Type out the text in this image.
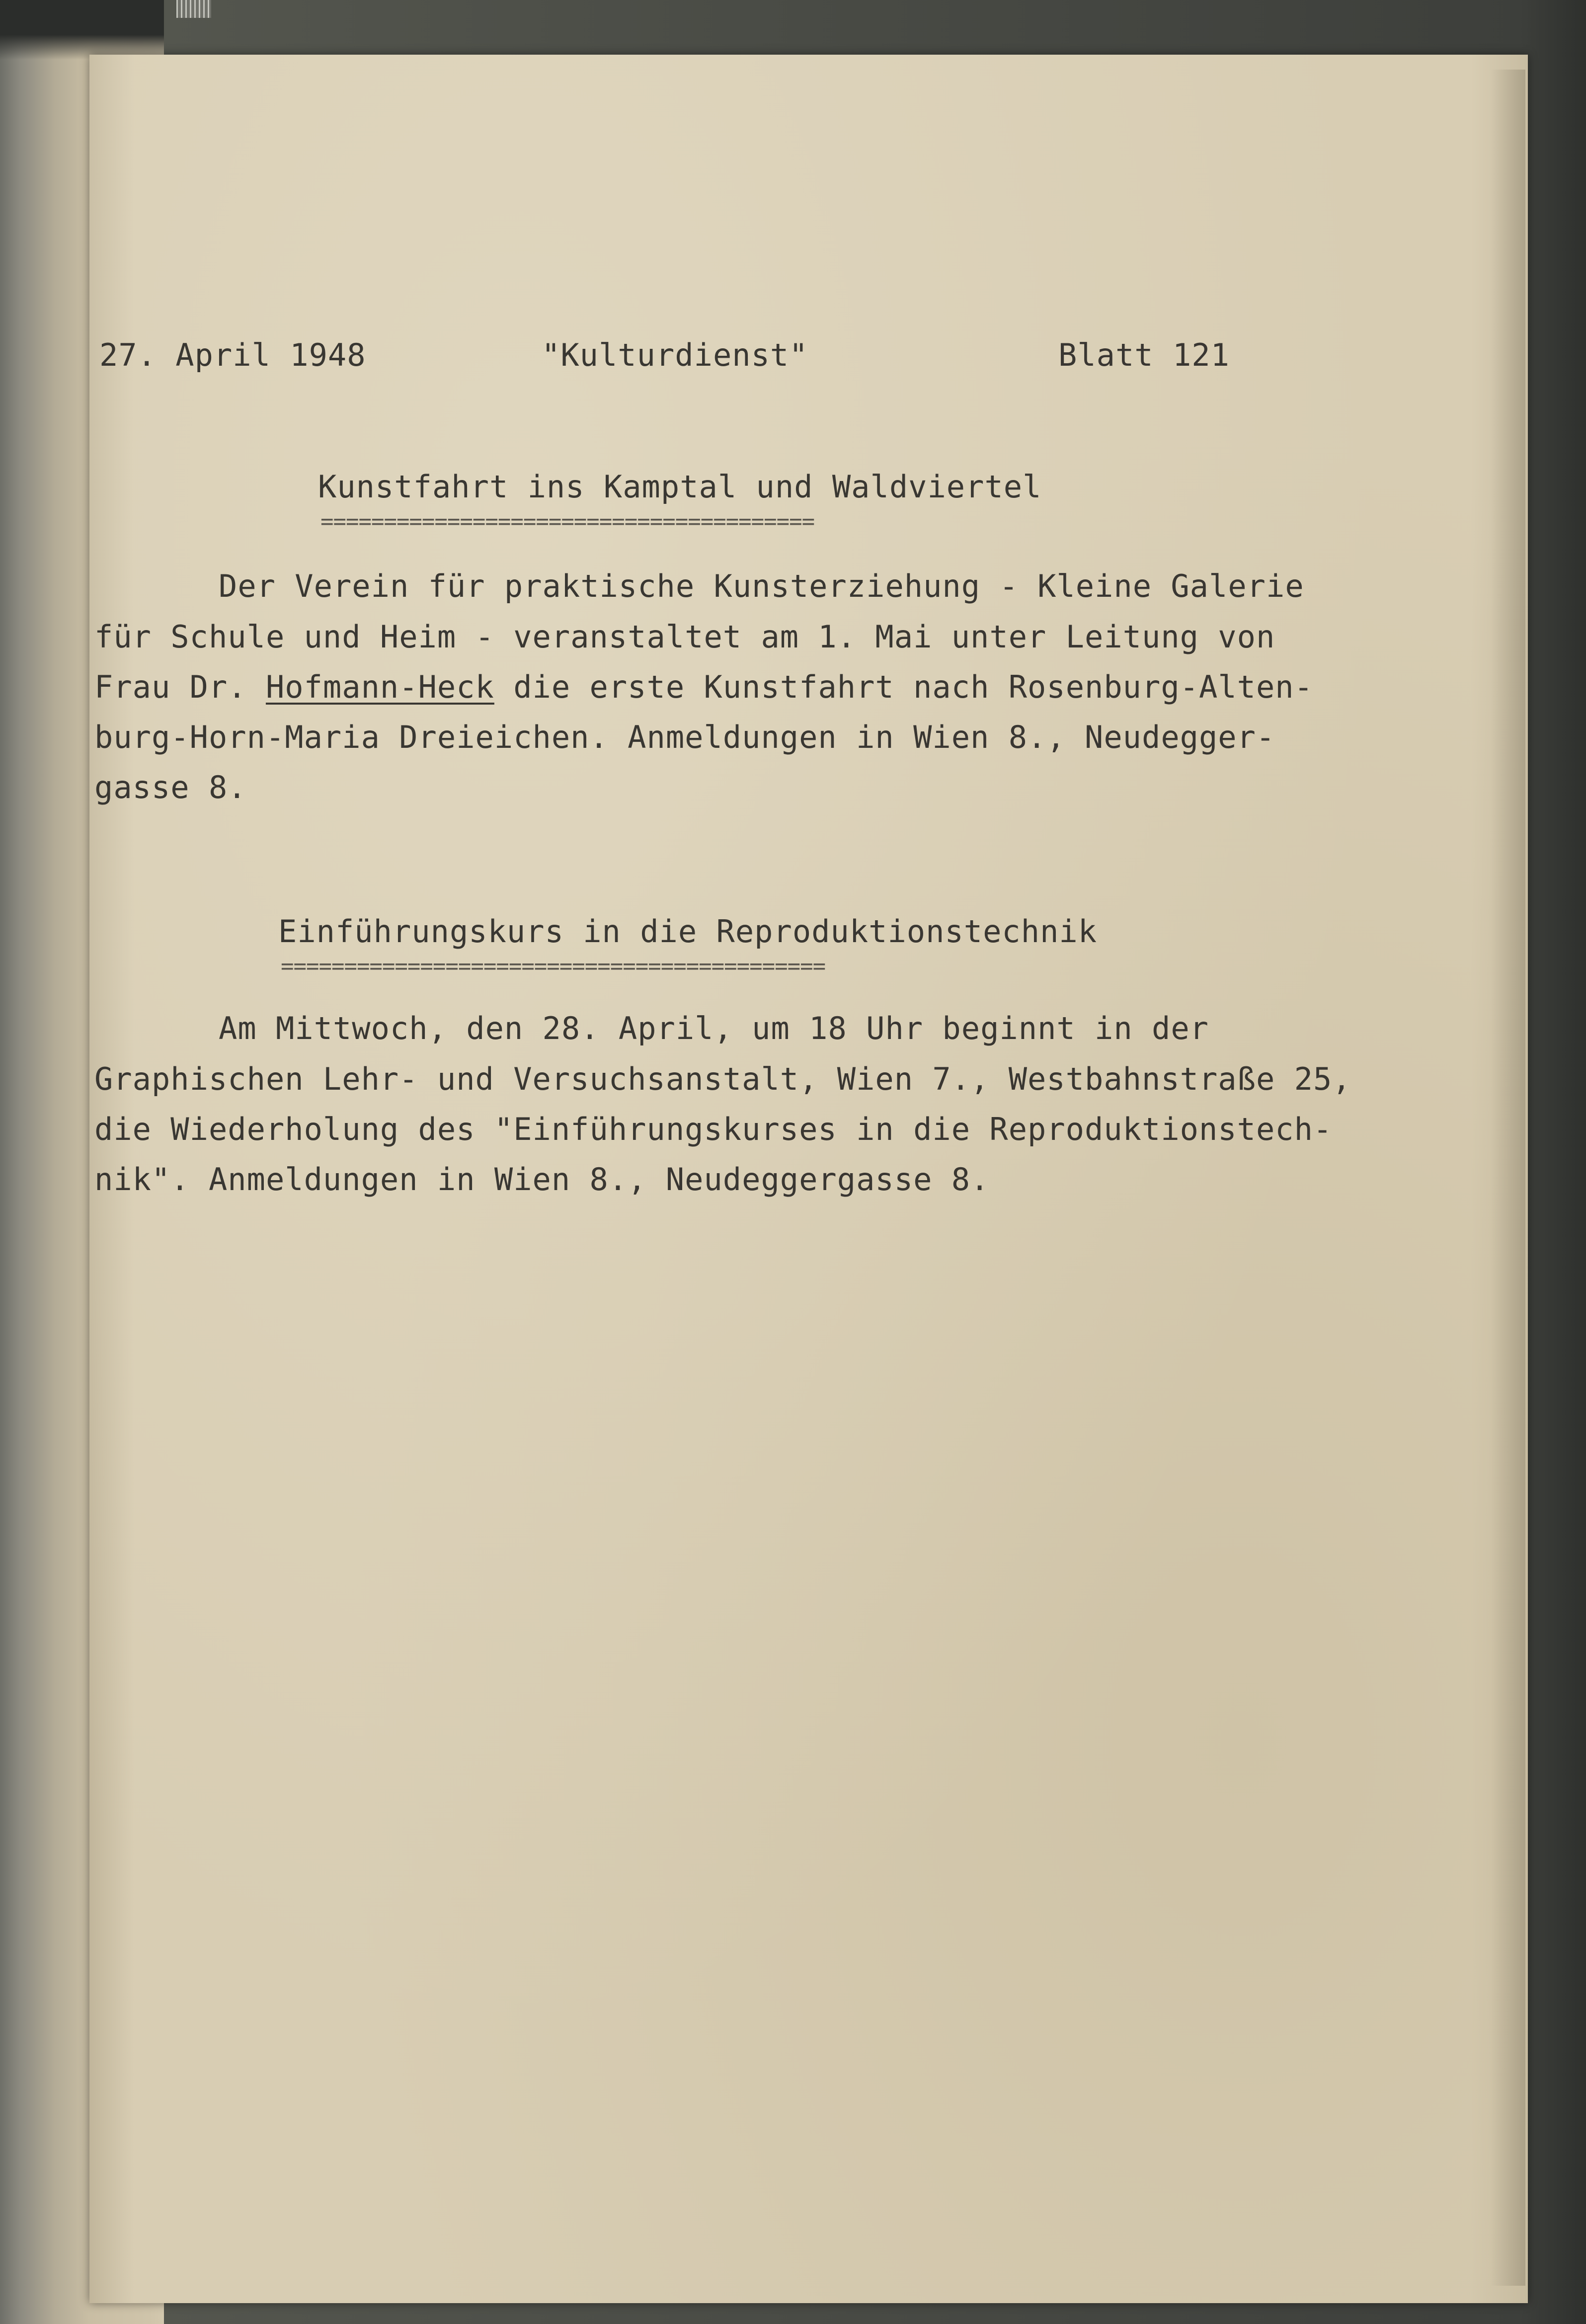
27. April 1948	"Kulturdienst"	Blatt 121

Kunstfahrt ins Kamptal und Waldviertel

=======================================

Der Verein für praktische Kunsterziehung - Kleine Galerie

für Schule und Heim - veranstaltet am 1. Mai unter Leitung von

Frau Dr. Hofmann-Heck die erste Kunstfahrt nach Rosenburg-Alten-

burg-Horn-Maria Dreieichen. Anmeldungen in Wien 8., Neudegger-

gasse 8.

Einführungskurs in die Reproduktionstechnik

===========================================

Am Mittwoch, den 28. April, um 18 Uhr beginnt in der

Graphischen Lehr- und Versuchsanstalt, Wien 7., Westbahnstraße 25,

die Wiederholung des "Einführungskurses in die Reproduktionstech-

nik". Anmeldungen in Wien 8., Neudeggergasse 8.
